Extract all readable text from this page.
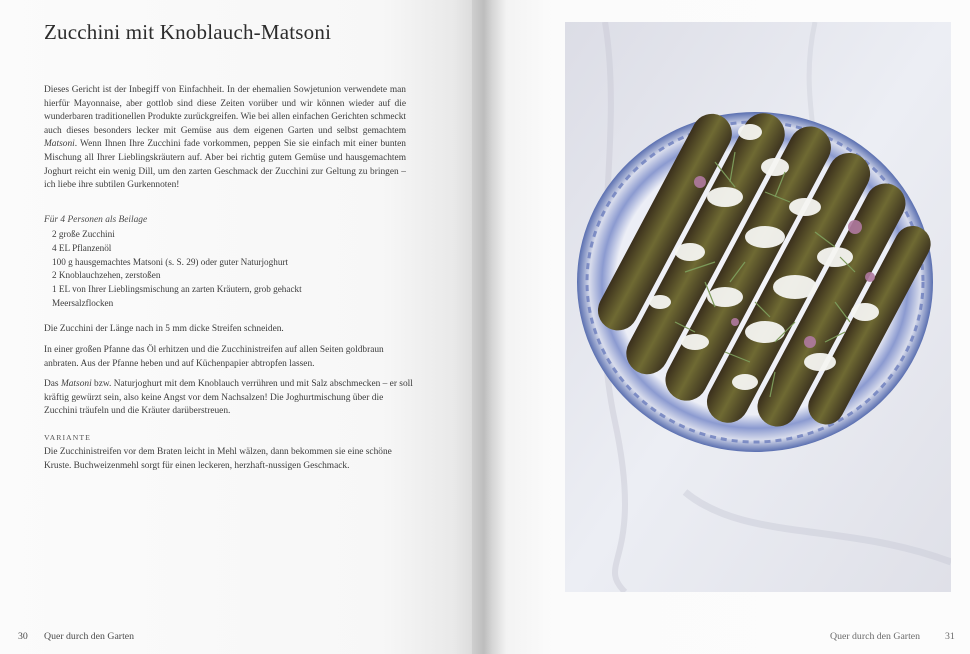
Zucchini mit Knoblauch-Matsoni

Dieses Gericht ist der Inbegiff von Einfachheit. In der ehemalien Sowjetunion verwendete man hierfür Mayonnaise, aber gottlob sind diese Zeiten vorüber und wir können wieder auf die wunderbaren traditionellen Produkte zurückgreifen. Wie bei allen einfachen Gerichten schmeckt auch dieses besonders lecker mit Gemüse aus dem eigenen Garten und selbst gemachtem Matsoni. Wenn Ihnen Ihre Zucchini fade vorkommen, peppen Sie sie einfach mit einer bunten Mischung all Ihrer Lieblingskräutern auf. Aber bei richtig gutem Gemüse und hausgemachtem Joghurt reicht ein wenig Dill, um den zarten Geschmack der Zucchini zur Geltung zu bringen – ich liebe ihre subtilen Gurkennoten!

Für 4 Personen als Beilage

2 große Zucchini
4 EL Pflanzenöl
100 g hausgemachtes Matsoni (s. S. 29) oder guter Naturjoghurt
2 Knoblauchzehen, zerstoßen
1 EL von Ihrer Lieblingsmischung an zarten Kräutern, grob gehackt
Meersalzflocken

Die Zucchini der Länge nach in 5 mm dicke Streifen schneiden.

In einer großen Pfanne das Öl erhitzen und die Zucchinistreifen auf allen Seiten goldbraun anbraten. Aus der Pfanne heben und auf Küchenpapier abtropfen lassen.

Das Matsoni bzw. Naturjoghurt mit dem Knoblauch verrühren und mit Salz abschmecken – er soll kräftig gewürzt sein, also keine Angst vor dem Nachsalzen! Die Joghurtmischung über die Zucchini träufeln und die Kräuter darüberstreuen.

VARIANTE

Die Zucchinistreifen vor dem Braten leicht in Mehl wälzen, dann bekommen sie eine schöne Kruste. Buchweizenmehl sorgt für einen leckeren, herzhaft-nussigen Geschmack.

30 Quer durch den Garten	Quer durch den Garten	31
